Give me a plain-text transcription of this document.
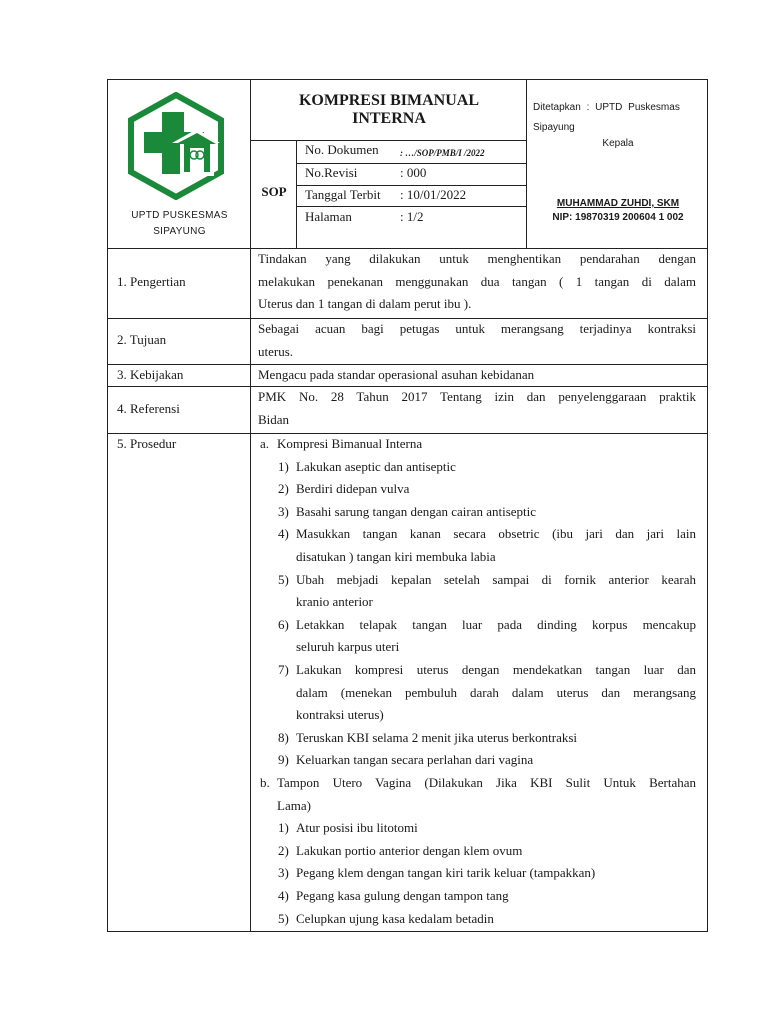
UPTD PUSKESMAS
SIPAYUNG
KOMPRESI BIMANUAL
INTERNA
SOP
No. Dokumen : …/SOP/PMB/I /2022
No.Revisi	: 000
Tanggal Terbit : 10/01/2022
Halaman	: 1/2
Ditetapkan : UPTD Puskesmas
Sipayung
Kepala
MUHAMMAD ZUHDI, SKM
NIP: 19870319 200604 1 002
1. Pengertian
Tindakan yang dilakukan untuk menghentikan pendarahan dengan
melakukan penekanan menggunakan dua tangan ( 1 tangan di dalam
Uterus dan 1 tangan di dalam perut ibu ).
2. Tujuan
Sebagai acuan bagi petugas untuk merangsang terjadinya kontraksi
uterus.
3. Kebijakan	Mengacu pada standar operasional asuhan kebidanan
4. Referensi
PMK No. 28 Tahun 2017 Tentang izin dan penyelenggaraan praktik
Bidan
5. Prosedur	a. Kompresi Bimanual Interna
1) Lakukan aseptic dan antiseptic
2) Berdiri didepan vulva
3) Basahi sarung tangan dengan cairan antiseptic
4) Masukkan tangan kanan secara obsetric (ibu jari dan jari lain
disatukan ) tangan kiri membuka labia
5) Ubah mebjadi kepalan setelah sampai di fornik anterior kearah
kranio anterior
6) Letakkan telapak tangan luar pada dinding korpus mencakup
seluruh karpus uteri
7) Lakukan kompresi uterus dengan mendekatkan tangan luar dan
dalam (menekan pembuluh darah dalam uterus dan merangsang
kontraksi uterus)
8) Teruskan KBI selama 2 menit jika uterus berkontraksi
9) Keluarkan tangan secara perlahan dari vagina
b. Tampon Utero Vagina (Dilakukan Jika KBI Sulit Untuk Bertahan
Lama)
1) Atur posisi ibu litotomi
2) Lakukan portio anterior dengan klem ovum
3) Pegang klem dengan tangan kiri tarik keluar (tampakkan)
4) Pegang kasa gulung dengan tampon tang
5) Celupkan ujung kasa kedalam betadin
